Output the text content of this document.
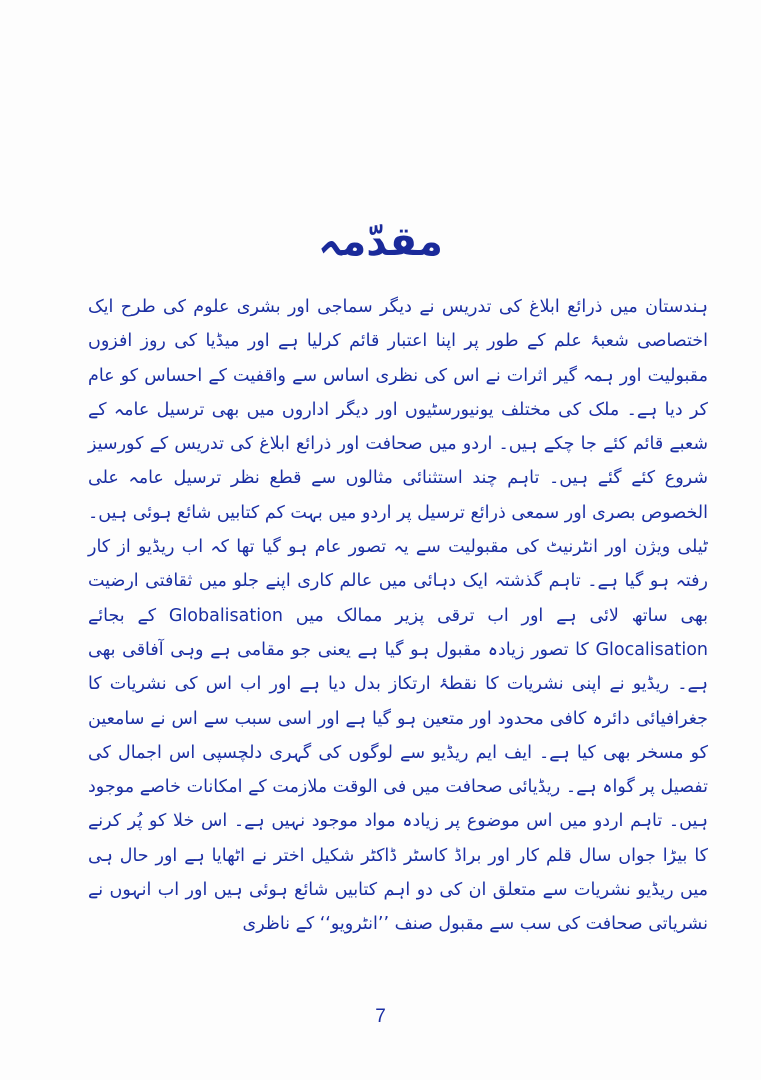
مقدّمہ

ہندستان میں ذرائع ابلاغ کی تدریس نے دیگر سماجی اور بشری علوم کی طرح ایک اختصاصی شعبۂ علم کے طور پر اپنا اعتبار قائم کرلیا ہے اور میڈیا کی روز افزوں مقبولیت اور ہمہ گیر اثرات نے اس کی نظری اساس سے واقفیت کے احساس کو عام کر دیا ہے۔ ملک کی مختلف یونیورسٹیوں اور دیگر اداروں میں بھی ترسیل عامہ کے شعبے قائم کئے جا چکے ہیں۔ اردو میں صحافت اور ذرائع ابلاغ کی تدریس کے کورسیز شروع کئے گئے ہیں۔ تاہم چند استثنائی مثالوں سے قطع نظر ترسیل عامہ علی الخصوص بصری اور سمعی ذرائع ترسیل پر اردو میں بہت کم کتابیں شائع ہوئی ہیں۔ ٹیلی ویژن اور انٹرنیٹ کی مقبولیت سے یہ تصور عام ہو گیا تھا کہ اب ریڈیو از کار رفتہ ہو گیا ہے۔ تاہم گذشتہ ایک دہائی میں عالم کاری اپنے جلو میں ثقافتی ارضیت بھی ساتھ لائی ہے اور اب ترقی پزیر ممالک میں Globalisation کے بجائے Glocalisation کا تصور زیادہ مقبول ہو گیا ہے یعنی جو مقامی ہے وہی آفاقی بھی ہے۔ ریڈیو نے اپنی نشریات کا نقطۂ ارتکاز بدل دیا ہے اور اب اس کی نشریات کا جغرافیائی دائرہ کافی محدود اور متعین ہو گیا ہے اور اسی سبب سے اس نے سامعین کو مسخر بھی کیا ہے۔ ایف ایم ریڈیو سے لوگوں کی گہری دلچسپی اس اجمال کی تفصیل پر گواہ ہے۔ ریڈیائی صحافت میں فی الوقت ملازمت کے امکانات خاصے موجود ہیں۔ تاہم اردو میں اس موضوع پر زیادہ مواد موجود نہیں ہے۔ اس خلا کو پُر کرنے کا بیڑا جواں سال قلم کار اور براڈ کاسٹر ڈاکٹر شکیل اختر نے اٹھایا ہے اور حال ہی میں ریڈیو نشریات سے متعلق ان کی دو اہم کتابیں شائع ہوئی ہیں اور اب انہوں نے نشریاتی صحافت کی سب سے مقبول صنف ’’انٹرویو‘‘ کے ناظری

7
